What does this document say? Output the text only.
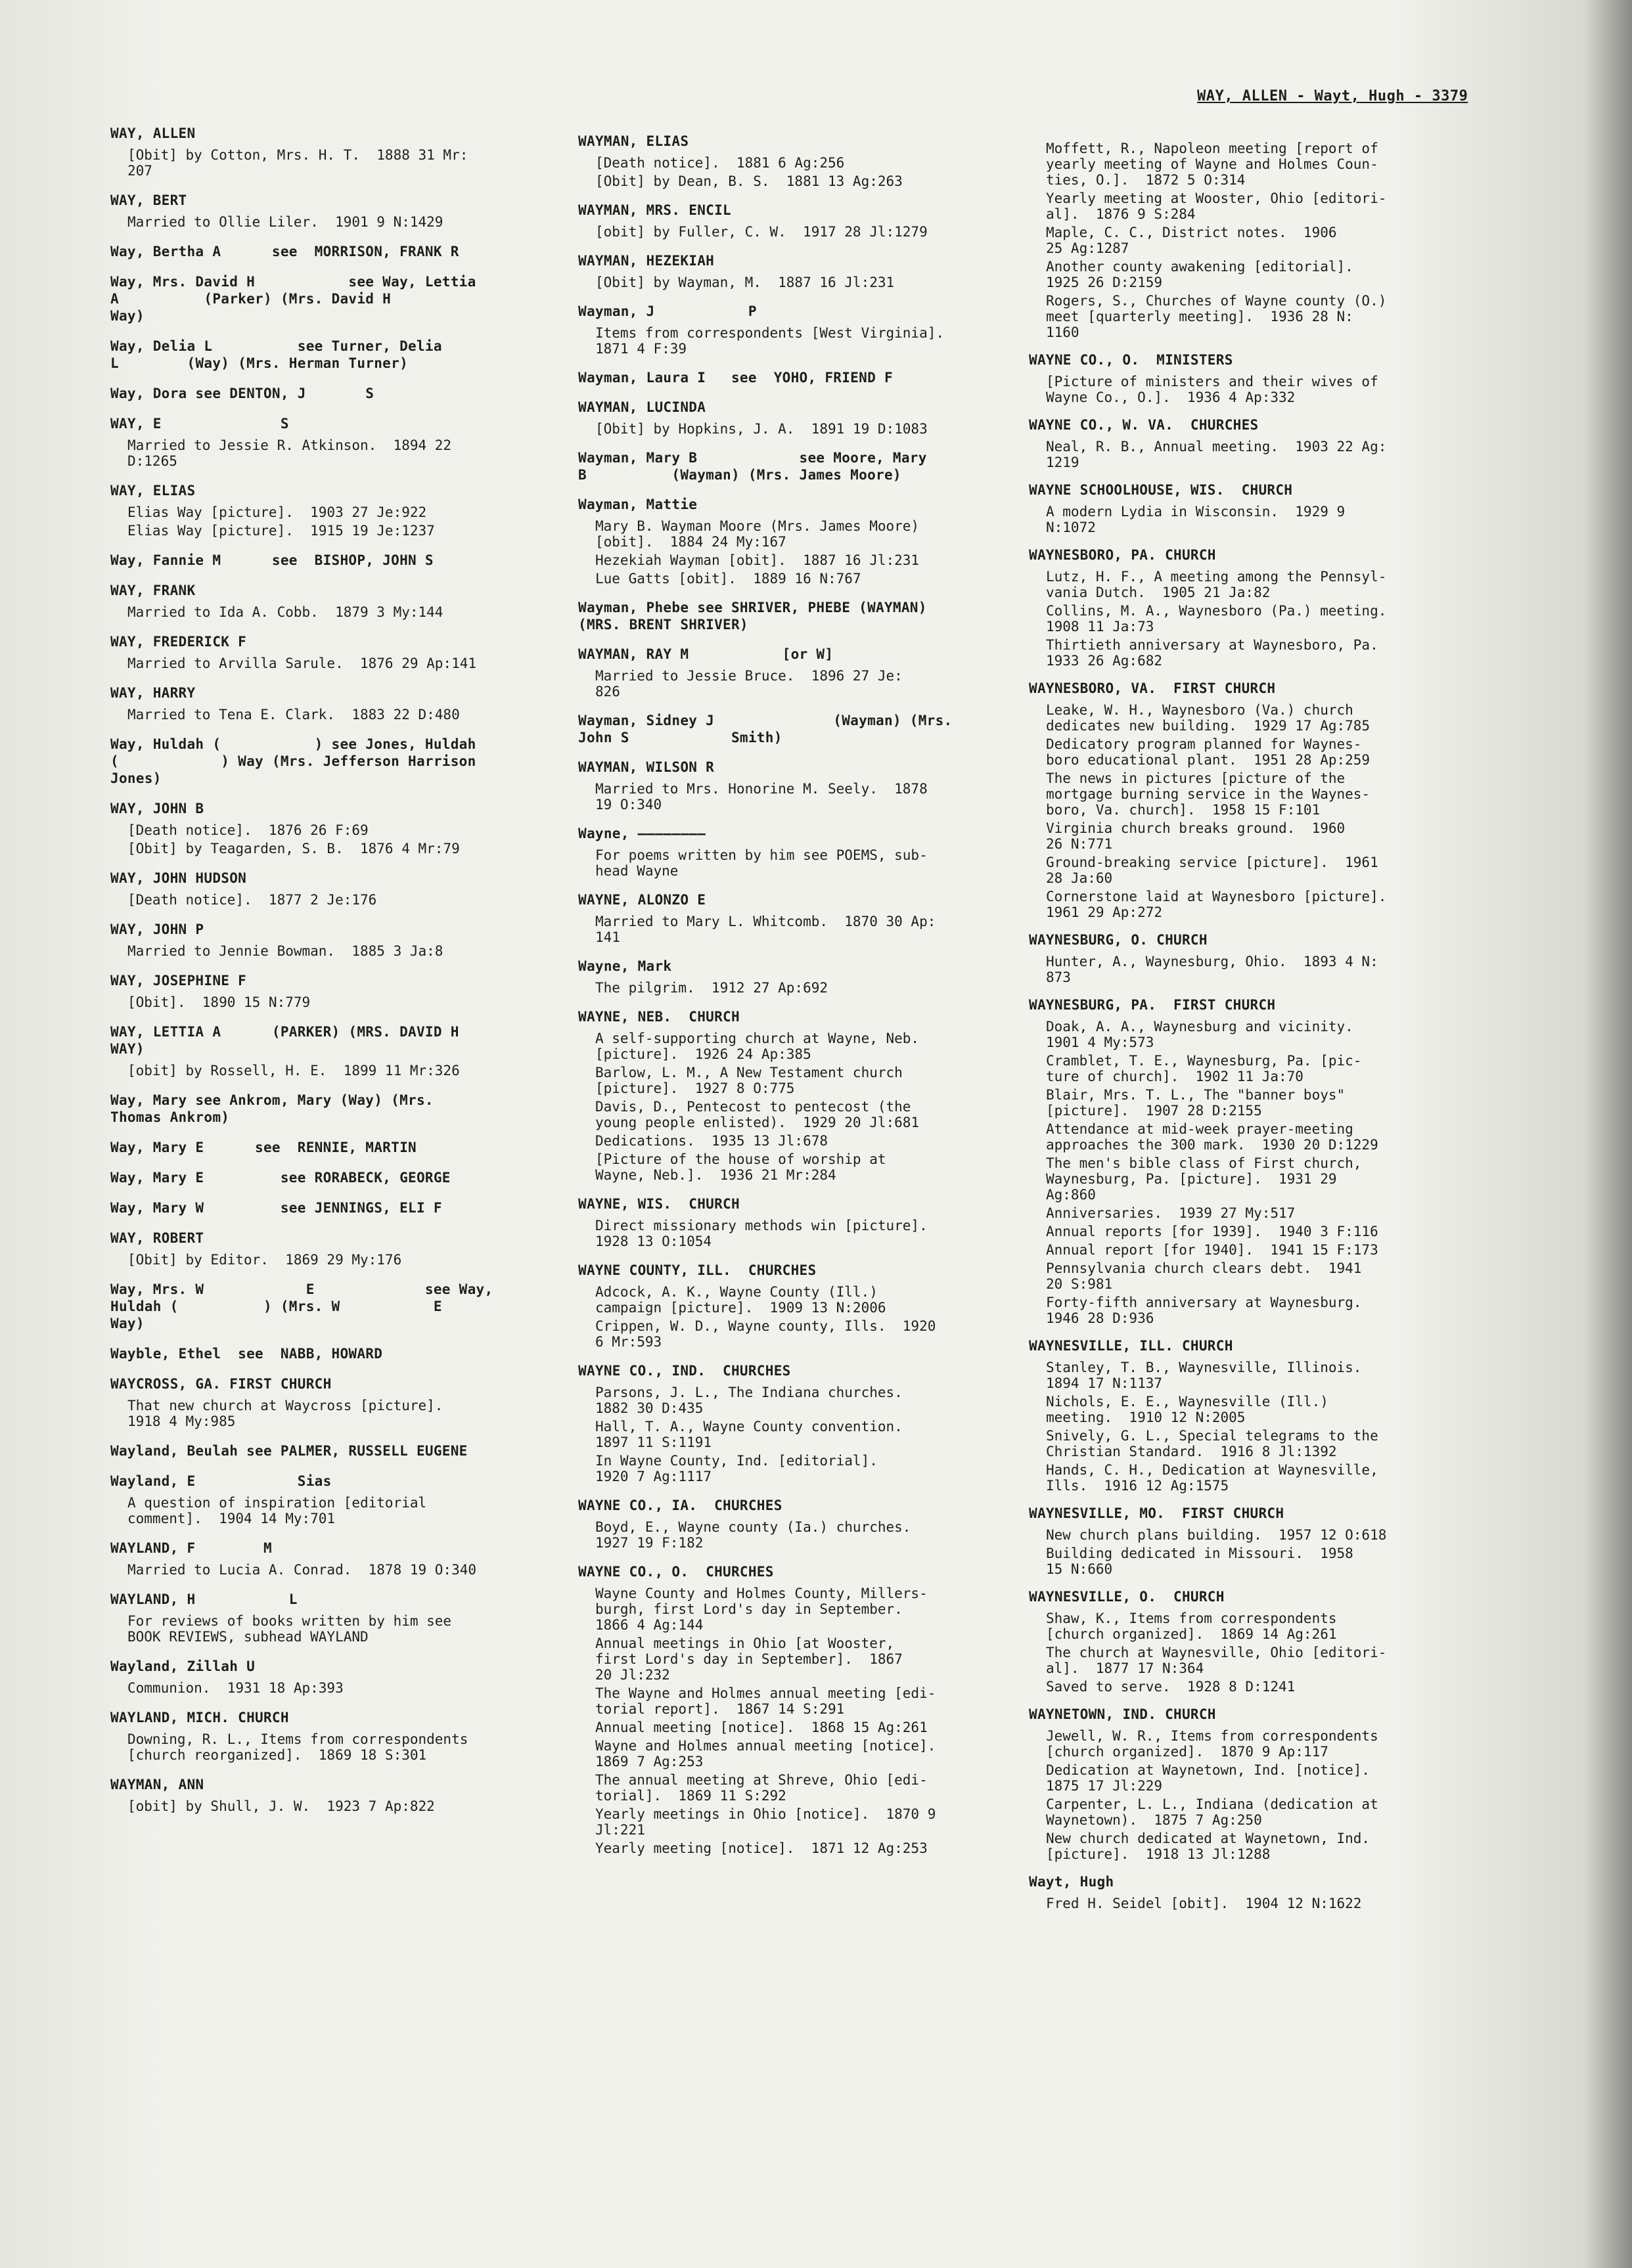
WAY, ALLEN - Wayt, Hugh - 3379
WAY, ALLEN
[Obit] by Cotton, Mrs. H. T.  1888 31 Mr:
207
WAY, BERT
Married to Ollie Liler.  1901 9 N:1429
Way, Bertha A      see  MORRISON, FRANK R
Way, Mrs. David H           see Way, Lettia
A          (Parker) (Mrs. David H
Way)
Way, Delia L          see Turner, Delia
L        (Way) (Mrs. Herman Turner)
Way, Dora see DENTON, J       S
WAY, E              S
Married to Jessie R. Atkinson.  1894 22
D:1265
WAY, ELIAS
Elias Way [picture].  1903 27 Je:922
Elias Way [picture].  1915 19 Je:1237
Way, Fannie M      see  BISHOP, JOHN S
WAY, FRANK
Married to Ida A. Cobb.  1879 3 My:144
WAY, FREDERICK F
Married to Arvilla Sarule.  1876 29 Ap:141
WAY, HARRY
Married to Tena E. Clark.  1883 22 D:480
Way, Huldah (           ) see Jones, Huldah
(            ) Way (Mrs. Jefferson Harrison
Jones)
WAY, JOHN B
[Death notice].  1876 26 F:69
[Obit] by Teagarden, S. B.  1876 4 Mr:79
WAY, JOHN HUDSON
[Death notice].  1877 2 Je:176
WAY, JOHN P
Married to Jennie Bowman.  1885 3 Ja:8
WAY, JOSEPHINE F
[Obit].  1890 15 N:779
WAY, LETTIA A      (PARKER) (MRS. DAVID H
WAY)
[obit] by Rossell, H. E.  1899 11 Mr:326
Way, Mary see Ankrom, Mary (Way) (Mrs.
Thomas Ankrom)
Way, Mary E      see  RENNIE, MARTIN
Way, Mary E         see RORABECK, GEORGE
Way, Mary W         see JENNINGS, ELI F
WAY, ROBERT
[Obit] by Editor.  1869 29 My:176
Way, Mrs. W            E             see Way,
Huldah (          ) (Mrs. W           E
Way)
Wayble, Ethel  see  NABB, HOWARD
WAYCROSS, GA. FIRST CHURCH
That new church at Waycross [picture].
1918 4 My:985
Wayland, Beulah see PALMER, RUSSELL EUGENE
Wayland, E            Sias
A question of inspiration [editorial
comment].  1904 14 My:701
WAYLAND, F        M
Married to Lucia A. Conrad.  1878 19 O:340
WAYLAND, H           L
For reviews of books written by him see
BOOK REVIEWS, subhead WAYLAND
Wayland, Zillah U
Communion.  1931 18 Ap:393
WAYLAND, MICH. CHURCH
Downing, R. L., Items from correspondents
[church reorganized].  1869 18 S:301
WAYMAN, ANN
[obit] by Shull, J. W.  1923 7 Ap:822
WAYMAN, ELIAS
[Death notice].  1881 6 Ag:256
[Obit] by Dean, B. S.  1881 13 Ag:263
WAYMAN, MRS. ENCIL
[obit] by Fuller, C. W.  1917 28 Jl:1279
WAYMAN, HEZEKIAH
[Obit] by Wayman, M.  1887 16 Jl:231
Wayman, J           P
Items from correspondents [West Virginia].
1871 4 F:39
Wayman, Laura I   see  YOHO, FRIEND F
WAYMAN, LUCINDA
[Obit] by Hopkins, J. A.  1891 19 D:1083
Wayman, Mary B            see Moore, Mary
B          (Wayman) (Mrs. James Moore)
Wayman, Mattie
Mary B. Wayman Moore (Mrs. James Moore)
[obit].  1884 24 My:167
Hezekiah Wayman [obit].  1887 16 Jl:231
Lue Gatts [obit].  1889 16 N:767
Wayman, Phebe see SHRIVER, PHEBE (WAYMAN)
(MRS. BRENT SHRIVER)
WAYMAN, RAY M           [or W]
Married to Jessie Bruce.  1896 27 Je:
826
Wayman, Sidney J              (Wayman) (Mrs.
John S            Smith)
WAYMAN, WILSON R
Married to Mrs. Honorine M. Seely.  1878
19 O:340
Wayne, ————————
For poems written by him see POEMS, sub-
head Wayne
WAYNE, ALONZO E
Married to Mary L. Whitcomb.  1870 30 Ap:
141
Wayne, Mark
The pilgrim.  1912 27 Ap:692
WAYNE, NEB.  CHURCH
A self-supporting church at Wayne, Neb.
[picture].  1926 24 Ap:385
Barlow, L. M., A New Testament church
[picture].  1927 8 O:775
Davis, D., Pentecost to pentecost (the
young people enlisted).  1929 20 Jl:681
Dedications.  1935 13 Jl:678
[Picture of the house of worship at
Wayne, Neb.].  1936 21 Mr:284
WAYNE, WIS.  CHURCH
Direct missionary methods win [picture].
1928 13 O:1054
WAYNE COUNTY, ILL.  CHURCHES
Adcock, A. K., Wayne County (Ill.)
campaign [picture].  1909 13 N:2006
Crippen, W. D., Wayne county, Ills.  1920
6 Mr:593
WAYNE CO., IND.  CHURCHES
Parsons, J. L., The Indiana churches.
1882 30 D:435
Hall, T. A., Wayne County convention.
1897 11 S:1191
In Wayne County, Ind. [editorial].
1920 7 Ag:1117
WAYNE CO., IA.  CHURCHES
Boyd, E., Wayne county (Ia.) churches.
1927 19 F:182
WAYNE CO., O.  CHURCHES
Wayne County and Holmes County, Millers-
burgh, first Lord's day in September.
1866 4 Ag:144
Annual meetings in Ohio [at Wooster,
first Lord's day in September].  1867
20 Jl:232
The Wayne and Holmes annual meeting [edi-
torial report].  1867 14 S:291
Annual meeting [notice].  1868 15 Ag:261
Wayne and Holmes annual meeting [notice].
1869 7 Ag:253
The annual meeting at Shreve, Ohio [edi-
torial].  1869 11 S:292
Yearly meetings in Ohio [notice].  1870 9
Jl:221
Yearly meeting [notice].  1871 12 Ag:253
Moffett, R., Napoleon meeting [report of
yearly meeting of Wayne and Holmes Coun-
ties, O.].  1872 5 O:314
Yearly meeting at Wooster, Ohio [editori-
al].  1876 9 S:284
Maple, C. C., District notes.  1906
25 Ag:1287
Another county awakening [editorial].
1925 26 D:2159
Rogers, S., Churches of Wayne county (O.)
meet [quarterly meeting].  1936 28 N:
1160
WAYNE CO., O.  MINISTERS
[Picture of ministers and their wives of
Wayne Co., O.].  1936 4 Ap:332
WAYNE CO., W. VA.  CHURCHES
Neal, R. B., Annual meeting.  1903 22 Ag:
1219
WAYNE SCHOOLHOUSE, WIS.  CHURCH
A modern Lydia in Wisconsin.  1929 9
N:1072
WAYNESBORO, PA. CHURCH
Lutz, H. F., A meeting among the Pennsyl-
vania Dutch.  1905 21 Ja:82
Collins, M. A., Waynesboro (Pa.) meeting.
1908 11 Ja:73
Thirtieth anniversary at Waynesboro, Pa.
1933 26 Ag:682
WAYNESBORO, VA.  FIRST CHURCH
Leake, W. H., Waynesboro (Va.) church
dedicates new building.  1929 17 Ag:785
Dedicatory program planned for Waynes-
boro educational plant.  1951 28 Ap:259
The news in pictures [picture of the
mortgage burning service in the Waynes-
boro, Va. church].  1958 15 F:101
Virginia church breaks ground.  1960
26 N:771
Ground-breaking service [picture].  1961
28 Ja:60
Cornerstone laid at Waynesboro [picture].
1961 29 Ap:272
WAYNESBURG, O. CHURCH
Hunter, A., Waynesburg, Ohio.  1893 4 N:
873
WAYNESBURG, PA.  FIRST CHURCH
Doak, A. A., Waynesburg and vicinity.
1901 4 My:573
Cramblet, T. E., Waynesburg, Pa. [pic-
ture of church].  1902 11 Ja:70
Blair, Mrs. T. L., The "banner boys"
[picture].  1907 28 D:2155
Attendance at mid-week prayer-meeting
approaches the 300 mark.  1930 20 D:1229
The men's bible class of First church,
Waynesburg, Pa. [picture].  1931 29
Ag:860
Anniversaries.  1939 27 My:517
Annual reports [for 1939].  1940 3 F:116
Annual report [for 1940].  1941 15 F:173
Pennsylvania church clears debt.  1941
20 S:981
Forty-fifth anniversary at Waynesburg.
1946 28 D:936
WAYNESVILLE, ILL. CHURCH
Stanley, T. B., Waynesville, Illinois.
1894 17 N:1137
Nichols, E. E., Waynesville (Ill.)
meeting.  1910 12 N:2005
Snively, G. L., Special telegrams to the
Christian Standard.  1916 8 Jl:1392
Hands, C. H., Dedication at Waynesville,
Ills.  1916 12 Ag:1575
WAYNESVILLE, MO.  FIRST CHURCH
New church plans building.  1957 12 O:618
Building dedicated in Missouri.  1958
15 N:660
WAYNESVILLE, O.  CHURCH
Shaw, K., Items from correspondents
[church organized].  1869 14 Ag:261
The church at Waynesville, Ohio [editori-
al].  1877 17 N:364
Saved to serve.  1928 8 D:1241
WAYNETOWN, IND. CHURCH
Jewell, W. R., Items from correspondents
[church organized].  1870 9 Ap:117
Dedication at Waynetown, Ind. [notice].
1875 17 Jl:229
Carpenter, L. L., Indiana (dedication at
Waynetown).  1875 7 Ag:250
New church dedicated at Waynetown, Ind.
[picture].  1918 13 Jl:1288
Wayt, Hugh
Fred H. Seidel [obit].  1904 12 N:1622
